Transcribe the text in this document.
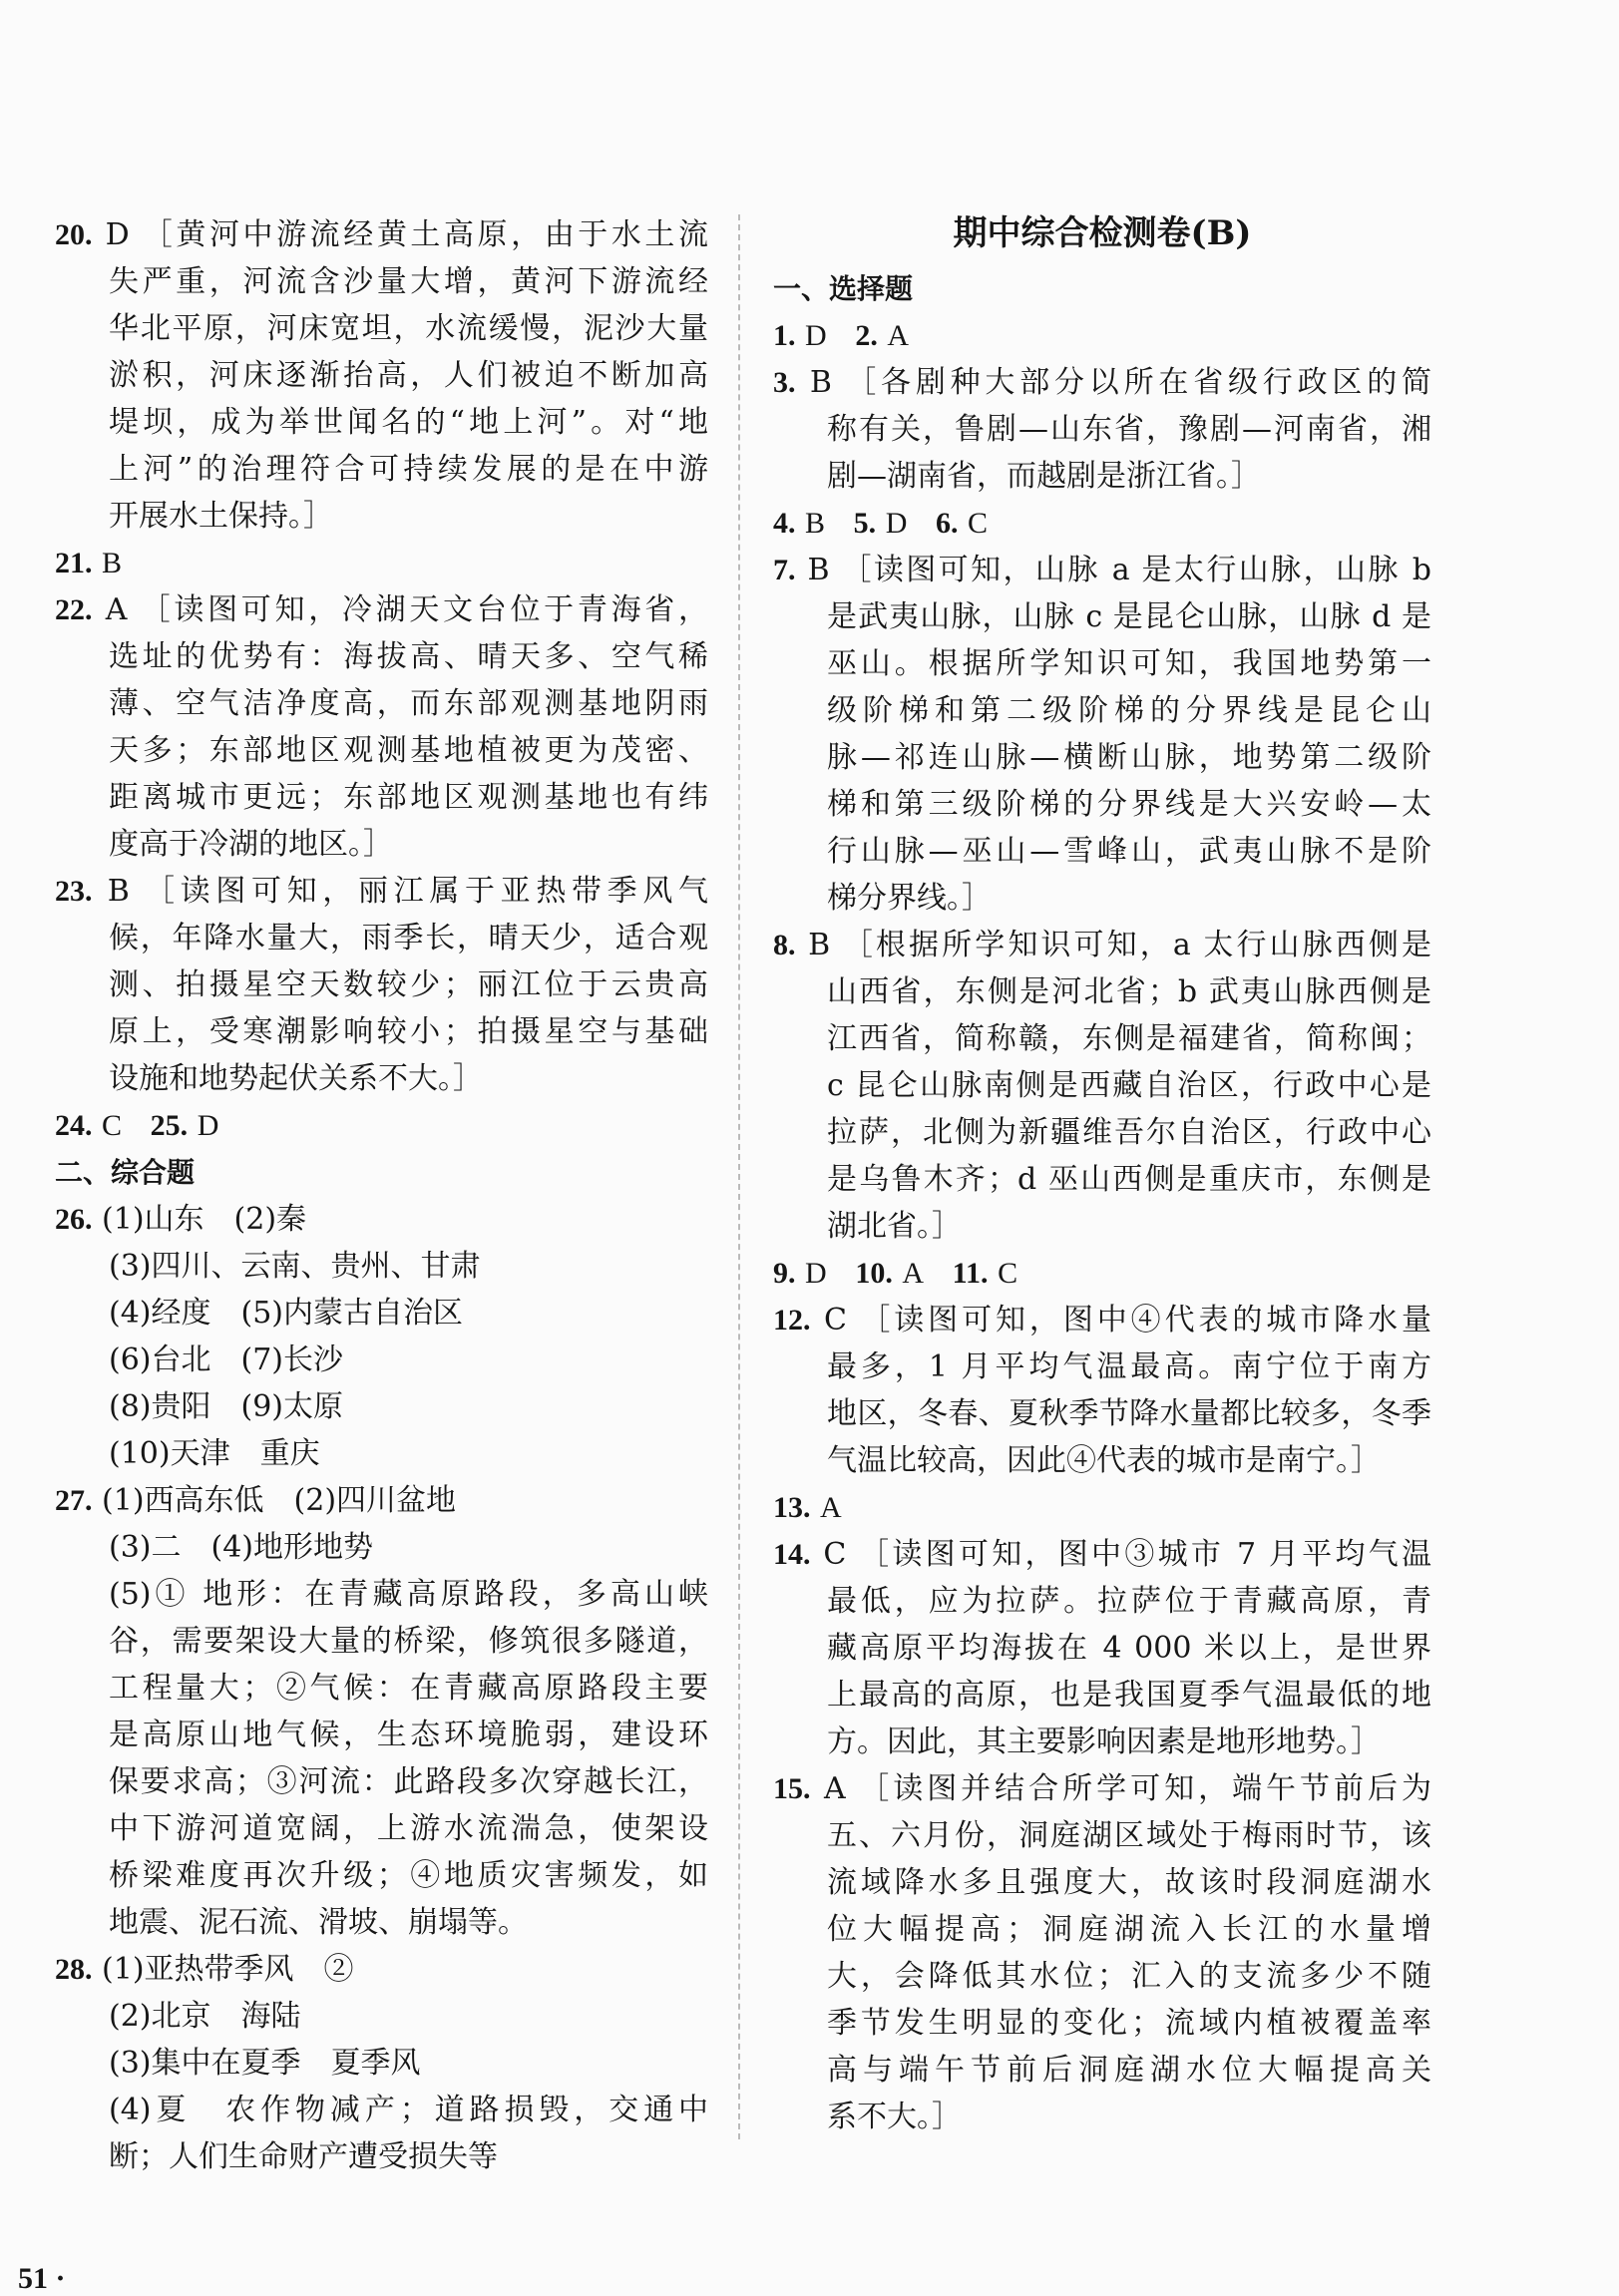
20. D ［黄河中游流经黄土高原，由于水土流
失严重，河流含沙量大增，黄河下游流经
华北平原，河床宽坦，水流缓慢，泥沙大量
淤积，河床逐渐抬高，人们被迫不断加高
堤坝，成为举世闻名的“地上河”。对“地
上河”的治理符合可持续发展的是在中游
开展水土保持。］
21. B
22. A ［读图可知，冷湖天文台位于青海省，
选址的优势有：海拔高、晴天多、空气稀
薄、空气洁净度高，而东部观测基地阴雨
天多；东部地区观测基地植被更为茂密、
距离城市更远；东部地区观测基地也有纬
度高于冷湖的地区。］
23. B ［读图可知，丽江属于亚热带季风气
候，年降水量大，雨季长，晴天少，适合观
测、拍摄星空天数较少；丽江位于云贵高
原上，受寒潮影响较小；拍摄星空与基础
设施和地势起伏关系不大。］
24. C 25. D
二、综合题
26. (1)山东　(2)秦
(3)四川、云南、贵州、甘肃
(4)经度　(5)内蒙古自治区
(6)台北　(7)长沙
(8)贵阳　(9)太原
(10)天津　重庆
27. (1)西高东低　(2)四川盆地
(3)二　(4)地形地势
(5)① 地形：在青藏高原路段，多高山峡
谷，需要架设大量的桥梁，修筑很多隧道，
工程量大；②气候：在青藏高原路段主要
是高原山地气候，生态环境脆弱，建设环
保要求高；③河流：此路段多次穿越长江，
中下游河道宽阔，上游水流湍急，使架设
桥梁难度再次升级；④地质灾害频发，如
地震、泥石流、滑坡、崩塌等。
28. (1)亚热带季风　②
(2)北京　海陆
(3)集中在夏季　夏季风
(4)夏　农作物减产；道路损毁，交通中
断；人们生命财产遭受损失等
期中综合检测卷(B)
一、选择题
1. D 2. A
3. B ［各剧种大部分以所在省级行政区的简
称有关，鲁剧—山东省，豫剧—河南省，湘
剧—湖南省，而越剧是浙江省。］
4. B 5. D 6. C
7. B ［读图可知，山脉 a 是太行山脉，山脉 b
是武夷山脉，山脉 c 是昆仑山脉，山脉 d 是
巫山。根据所学知识可知，我国地势第一
级阶梯和第二级阶梯的分界线是昆仑山
脉—祁连山脉—横断山脉，地势第二级阶
梯和第三级阶梯的分界线是大兴安岭—太
行山脉—巫山—雪峰山，武夷山脉不是阶
梯分界线。］
8. B ［根据所学知识可知，a 太行山脉西侧是
山西省，东侧是河北省；b 武夷山脉西侧是
江西省，简称赣，东侧是福建省，简称闽；
c 昆仑山脉南侧是西藏自治区，行政中心是
拉萨，北侧为新疆维吾尔自治区，行政中心
是乌鲁木齐；d 巫山西侧是重庆市，东侧是
湖北省。］
9. D 10. A 11. C
12. C ［读图可知，图中④代表的城市降水量
最多，1 月平均气温最高。南宁位于南方
地区，冬春、夏秋季节降水量都比较多，冬季
气温比较高，因此④代表的城市是南宁。］
13. A
14. C ［读图可知，图中③城市 7 月平均气温
最低，应为拉萨。拉萨位于青藏高原，青
藏高原平均海拔在 4 000 米以上，是世界
上最高的高原，也是我国夏季气温最低的地
方。因此，其主要影响因素是地形地势。］
15. A ［读图并结合所学可知，端午节前后为
五、六月份，洞庭湖区域处于梅雨时节，该
流域降水多且强度大，故该时段洞庭湖水
位大幅提高；洞庭湖流入长江的水量增
大，会降低其水位；汇入的支流多少不随
季节发生明显的变化；流域内植被覆盖率
高与端午节前后洞庭湖水位大幅提高关
系不大。］
51 ·
